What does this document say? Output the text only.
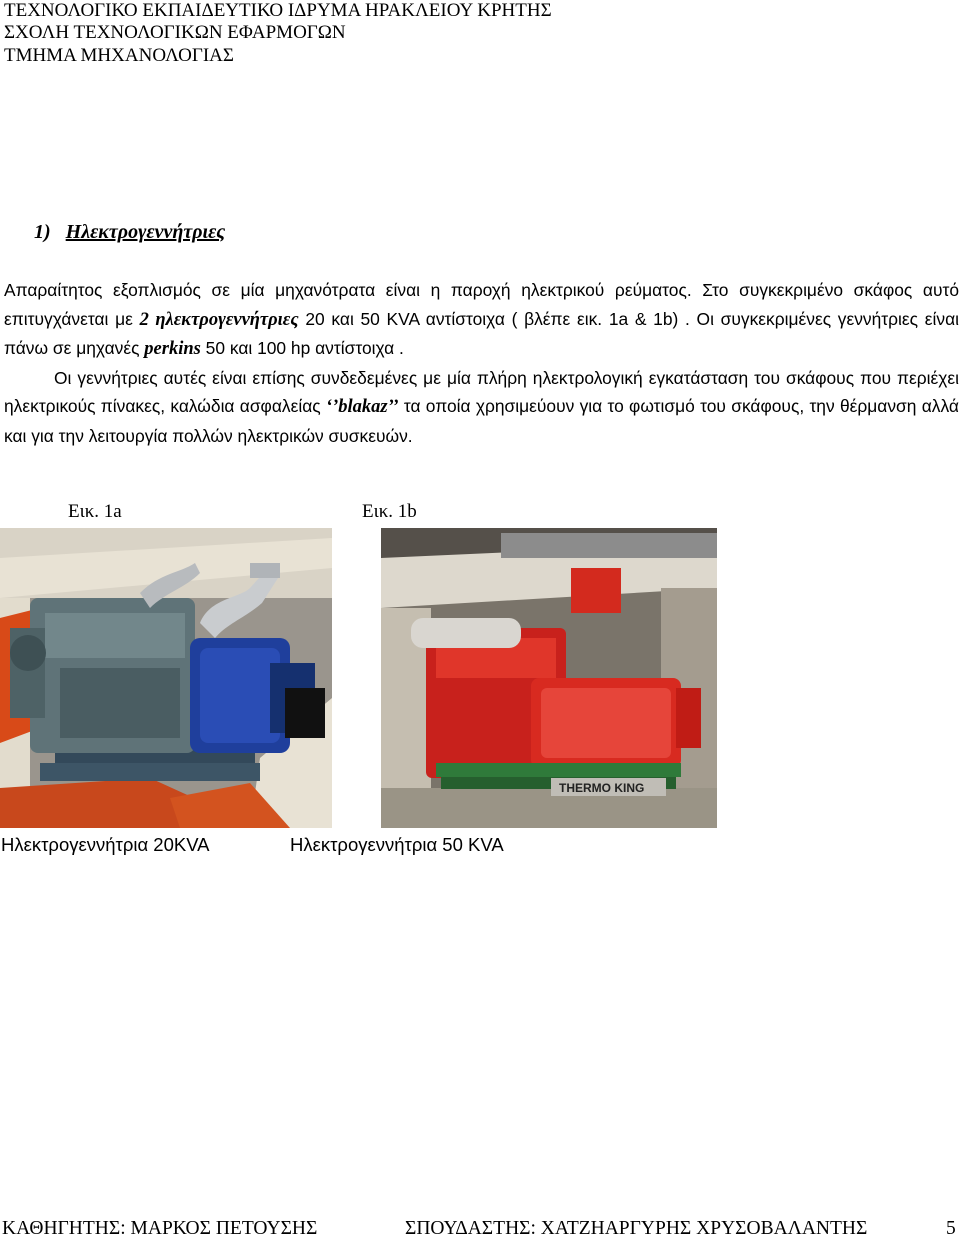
ΤΕΧΝΟΛΟΓΙΚΟ ΕΚΠΑΙΔΕΥΤΙΚΟ ΙΔΡΥΜΑ ΗΡΑΚΛΕΙΟΥ ΚΡΗΤΗΣ
ΣΧΟΛΗ ΤΕΧΝΟΛΟΓΙΚΩΝ ΕΦΑΡΜΟΓΩΝ
ΤΜΗΜΑ ΜΗΧΑΝΟΛΟΓΙΑΣ
1) Ηλεκτρογεννήτριες

Απαραίτητος εξοπλισμός σε μία μηχανότρατα είναι η παροχή ηλεκτρικού ρεύματος. Στο συγκεκριμένο σκάφος αυτό επιτυγχάνεται με 2 ηλεκτρογεννήτριες 20 και 50 KVA αντίστοιχα ( βλέπε εικ. 1a & 1b) . Οι συγκεκριμένες γεννήτριες είναι πάνω σε μηχανές perkins 50 και 100 hp αντίστοιχα .

Οι γεννήτριες αυτές είναι επίσης συνδεδεμένες με μία πλήρη ηλεκτρολογική εγκατάσταση του σκάφους που περιέχει ηλεκτρικούς πίνακες, καλώδια ασφαλείας ‘’blakaz’’ τα οποία χρησιμεύουν για το φωτισμό του σκάφους, την θέρμανση αλλά και για την λειτουργία πολλών ηλεκτρικών συσκευών.

Εικ. 1a	Εικ. 1b
THERMO KING
Ηλεκτρογεννήτρια 20KVA	Ηλεκτρογεννήτρια 50 KVA
ΚΑΘΗΓΗΤΗΣ: ΜΑΡΚΟΣ ΠΕΤΟΥΣΗΣ	ΣΠΟΥΔΑΣΤΗΣ: ΧΑΤΖΗΑΡΓΥΡΗΣ ΧΡΥΣΟΒΑΛΑΝΤΗΣ	5
